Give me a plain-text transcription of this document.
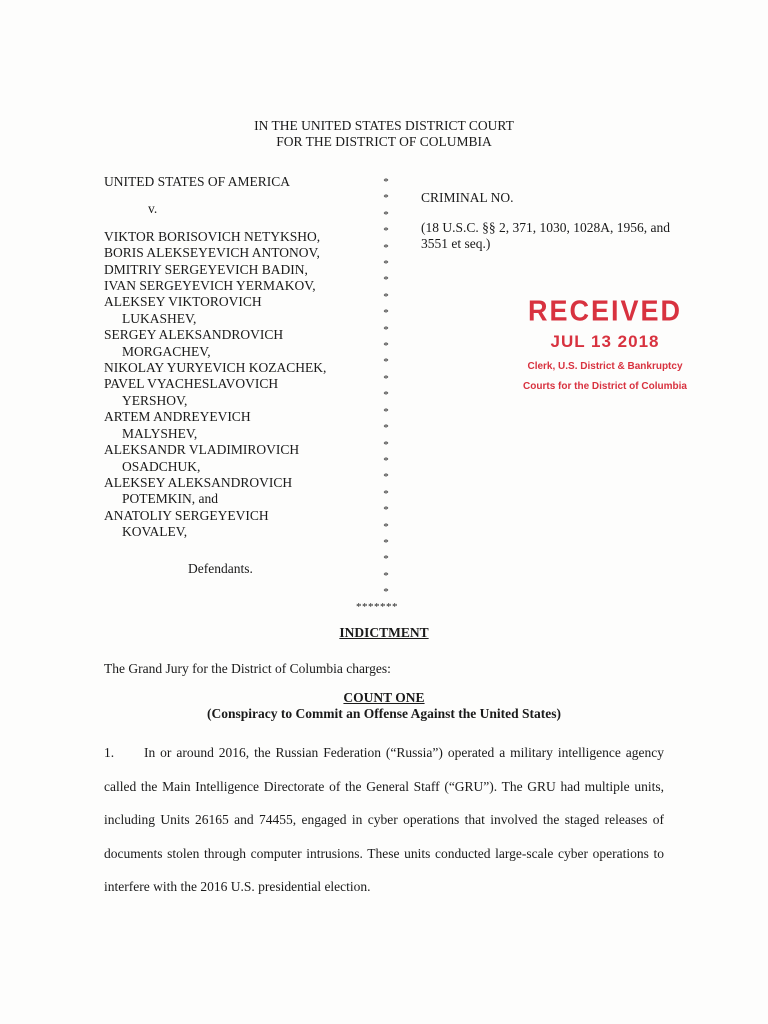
IN THE UNITED STATES DISTRICT COURT
FOR THE DISTRICT OF COLUMBIA
UNITED STATES OF AMERICA
v.
VIKTOR BORISOVICH NETYKSHO,
BORIS ALEKSEYEVICH ANTONOV,
DMITRIY SERGEYEVICH BADIN,
IVAN SERGEYEVICH YERMAKOV,
ALEKSEY VIKTOROVICH
LUKASHEV,
SERGEY ALEKSANDROVICH
MORGACHEV,
NIKOLAY YURYEVICH KOZACHEK,
PAVEL VYACHESLAVOVICH
YERSHOV,
ARTEM ANDREYEVICH
MALYSHEV,
ALEKSANDR VLADIMIROVICH
OSADCHUK,
ALEKSEY ALEKSANDROVICH
POTEMKIN, and
ANATOLIY SERGEYEVICH
KOVALEV,
Defendants.
*
*
*
*
*
*
*
*
*
*
*
*
*
*
*
*
*
*
*
*
*
*
*
*
*
*
*******
CRIMINAL NO.
(18 U.S.C. §§ 2, 371, 1030, 1028A, 1956, and 3551 et seq.)
RECEIVED
JUL 13 2018
Clerk, U.S. District & Bankruptcy
Courts for the District of Columbia
INDICTMENT
The Grand Jury for the District of Columbia charges:
COUNT ONE
(Conspiracy to Commit an Offense Against the United States)
1. In or around 2016, the Russian Federation (“Russia”) operated a military intelligence agency called the Main Intelligence Directorate of the General Staff (“GRU”). The GRU had multiple units, including Units 26165 and 74455, engaged in cyber operations that involved the staged releases of documents stolen through computer intrusions. These units conducted large-scale cyber operations to interfere with the 2016 U.S. presidential election.
